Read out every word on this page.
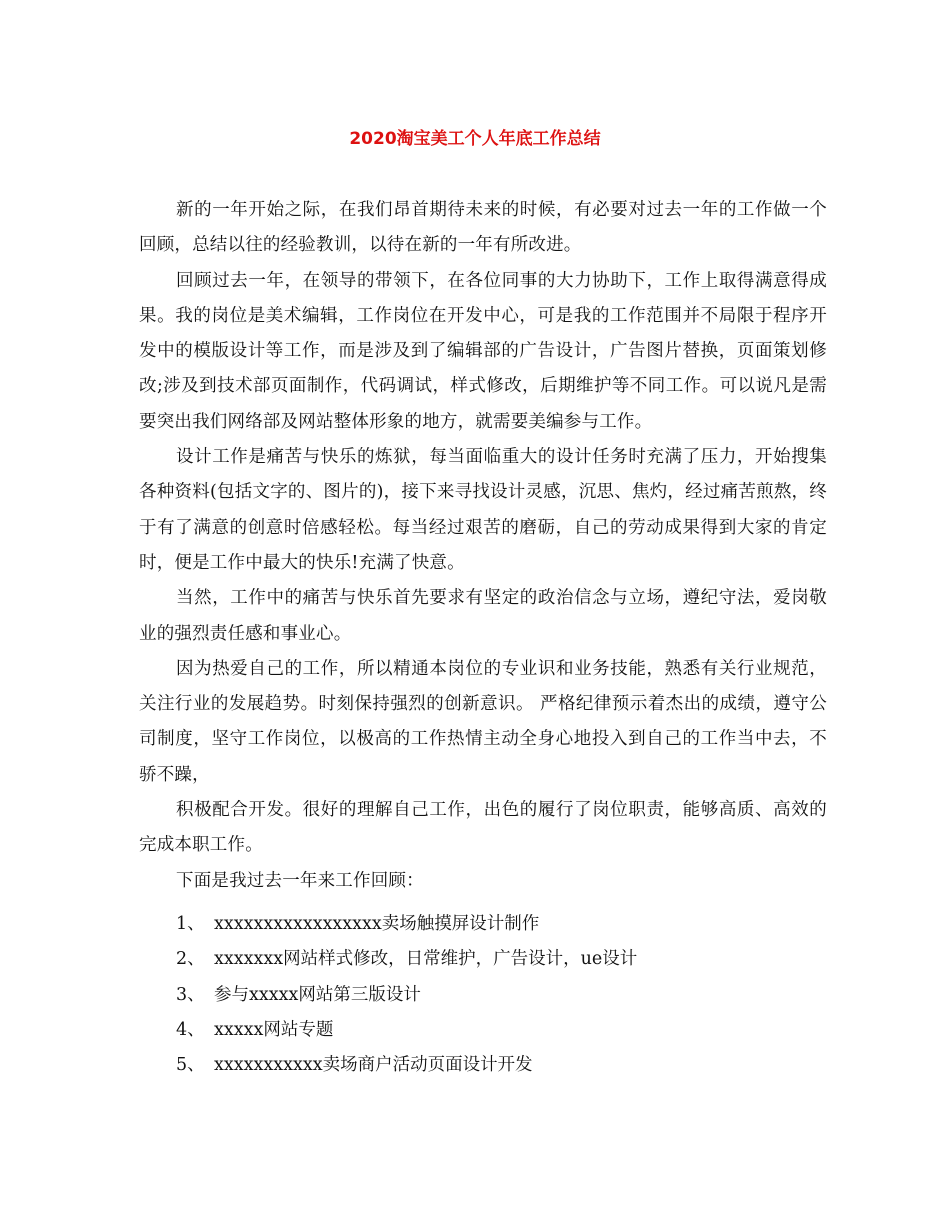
2020淘宝美工个人年底工作总结

新的一年开始之际，在我们昂首期待未来的时候，有必要对过去一年的工作做一个回顾，总结以往的经验教训，以待在新的一年有所改进。

回顾过去一年，在领导的带领下，在各位同事的大力协助下，工作上取得满意得成果。我的岗位是美术编辑，工作岗位在开发中心，可是我的工作范围并不局限于程序开发中的模版设计等工作，而是涉及到了编辑部的广告设计，广告图片替换，页面策划修改;涉及到技术部页面制作，代码调试，样式修改，后期维护等不同工作。可以说凡是需要突出我们网络部及网站整体形象的地方，就需要美编参与工作。

设计工作是痛苦与快乐的炼狱，每当面临重大的设计任务时充满了压力，开始搜集各种资料(包括文字的、图片的)，接下来寻找设计灵感，沉思、焦灼，经过痛苦煎熬，终于有了满意的创意时倍感轻松。每当经过艰苦的磨砺，自己的劳动成果得到大家的肯定时，便是工作中最大的快乐!充满了快意。

当然，工作中的痛苦与快乐首先要求有坚定的政治信念与立场，遵纪守法，爱岗敬业的强烈责任感和事业心。

因为热爱自己的工作，所以精通本岗位的专业识和业务技能，熟悉有关行业规范，关注行业的发展趋势。时刻保持强烈的创新意识。 严格纪律预示着杰出的成绩，遵守公司制度，坚守工作岗位，以极高的工作热情主动全身心地投入到自己的工作当中去，不骄不躁，

积极配合开发。很好的理解自己工作，出色的履行了岗位职责，能够高质、高效的完成本职工作。

下面是我过去一年来工作回顾：

1、 xxxxxxxxxxxxxxxxx卖场触摸屏设计制作
2、 xxxxxxx网站样式修改，日常维护，广告设计，ue设计
3、 参与xxxxx网站第三版设计
4、 xxxxx网站专题
5、 xxxxxxxxxxx卖场商户活动页面设计开发
